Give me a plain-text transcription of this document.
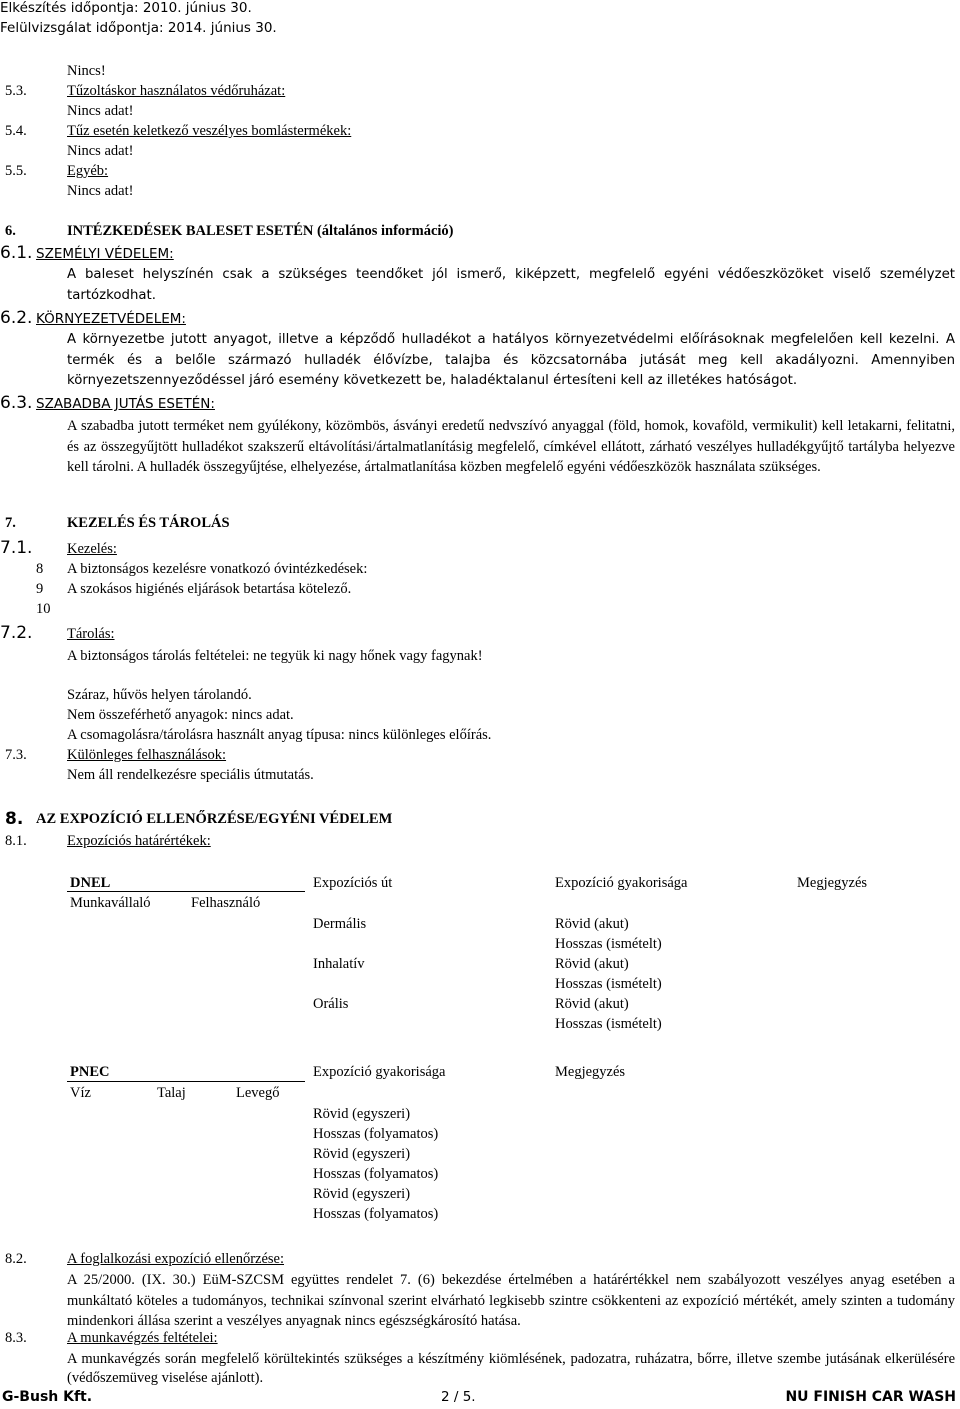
Elkészítés időpontja: 2010. június 30.
Felülvizsgálat időpontja: 2014. június 30.
Nincs!
5.3.	Tűzoltáskor használatos védőruházat:
Nincs adat!
5.4.	Tűz esetén keletkező veszélyes bomlástermékek:
Nincs adat!
5.5.	Egyéb:
Nincs adat!
6.	INTÉZKEDÉSEK BALESET ESETÉN (általános információ)
6.1. SZEMÉLYI VÉDELEM:
A baleset helyszínén csak a szükséges teendőket jól ismerő, kiképzett, megfelelő egyéni védőeszközöket viselő személyzet tartózkodhat.
6.2. KÖRNYEZETVÉDELEM:
A környezetbe jutott anyagot, illetve a képződő hulladékot a hatályos környezetvédelmi előírásoknak megfelelően kell kezelni. A termék és a belőle származó hulladék élővízbe, talajba és közcsatornába jutását meg kell akadályozni. Amennyiben környezetszennyeződéssel járó esemény következett be, haladéktalanul értesíteni kell az illetékes hatóságot.
6.3. SZABADBA JUTÁS ESETÉN:
A szabadba jutott terméket nem gyúlékony, közömbös, ásványi eredetű nedvszívó anyaggal (föld, homok, kovaföld, vermikulit) kell letakarni, felitatni, és az összegyűjtött hulladékot szakszerű eltávolítási/ártalmatlanításig megfelelő, címkével ellátott, zárható veszélyes hulladékgyűjtő tartályba helyezve kell tárolni. A hulladék összegyűjtése, elhelyezése, ártalmatlanítása közben megfelelő egyéni védőeszközök használata szükséges.
7.	KEZELÉS ÉS TÁROLÁS
7.1. Kezelés:
8 A biztonságos kezelésre vonatkozó óvintézkedések:
9 A szokásos higiénés eljárások betartása kötelező.
10
7.2. Tárolás:
A biztonságos tárolás feltételei: ne tegyük ki nagy hőnek vagy fagynak!
Száraz, hűvös helyen tárolandó.
Nem összeférhető anyagok: nincs adat.
A csomagolásra/tárolásra használt anyag típusa: nincs különleges előírás.
7.3.	Különleges felhasználások:
Nem áll rendelkezésre speciális útmutatás.
8. AZ EXPOZÍCIÓ ELLENŐRZÉSE/EGYÉNI VÉDELEM
8.1.	Expozíciós határértékek:
DNEL	Expozíciós út	Expozíció gyakorisága	Megjegyzés
Munkavállaló	Felhasználó
Dermális	Rövid (akut)
Hosszas (ismételt)
Inhalatív	Rövid (akut)
Hosszas (ismételt)
Orális	Rövid (akut)
Hosszas (ismételt)
PNEC	Expozíció gyakorisága	Megjegyzés
Víz	Talaj	Levegő
Rövid (egyszeri)
Hosszas (folyamatos)
Rövid (egyszeri)
Hosszas (folyamatos)
Rövid (egyszeri)
Hosszas (folyamatos)
8.2.	A foglalkozási expozíció ellenőrzése:
A 25/2000. (IX. 30.) EüM-SZCSM együttes rendelet 7. (6) bekezdése értelmében a határértékkel nem szabályozott veszélyes anyag esetében a munkáltató köteles a tudományos, technikai színvonal szerint elvárható legkisebb szintre csökkenteni az expozíció mértékét, amely szinten a tudomány mindenkori állása szerint a veszélyes anyagnak nincs egészségkárosító hatása.
8.3.	A munkavégzés feltételei:
A munkavégzés során megfelelő körültekintés szükséges a készítmény kiömlésének, padozatra, ruházatra, bőrre, illetve szembe jutásának elkerülésére (védőszemüveg viselése ajánlott).
G-Bush Kft.	2 / 5.	NU FINISH CAR WASH
